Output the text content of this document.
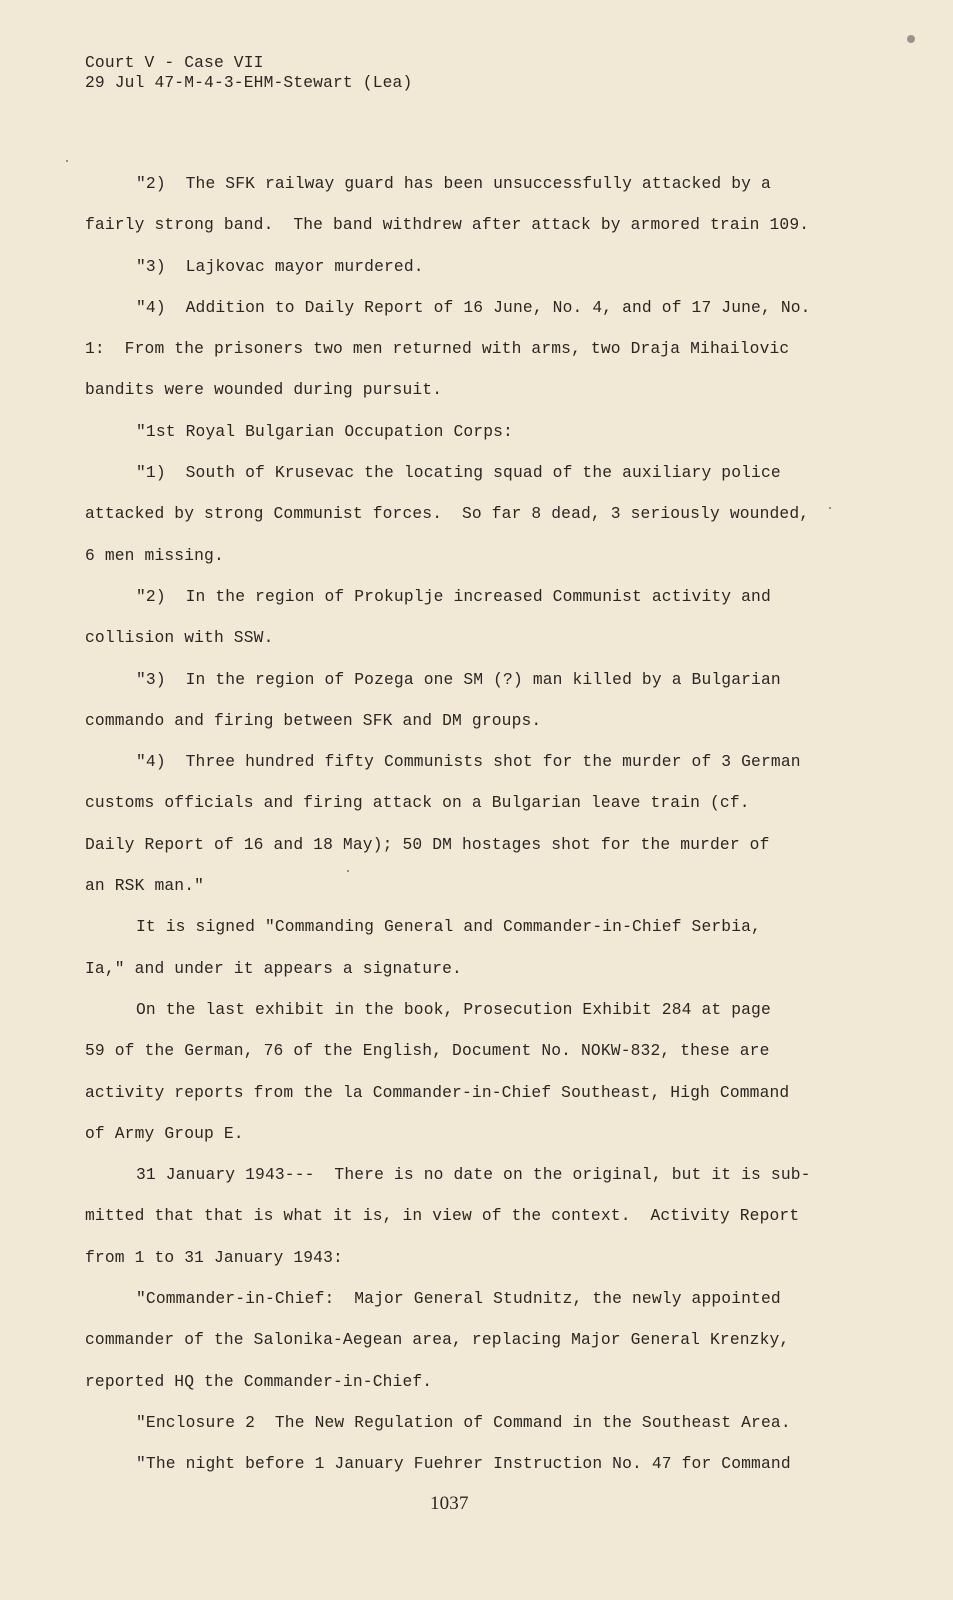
Court V - Case VII
29 Jul 47-M-4-3-EHM-Stewart (Lea)
"2)  The SFK railway guard has been unsuccessfully attacked by a
fairly strong band.  The band withdrew after attack by armored train 109.
"3)  Lajkovac mayor murdered.
"4)  Addition to Daily Report of 16 June, No. 4, and of 17 June, No.
1:  From the prisoners two men returned with arms, two Draja Mihailovic
bandits were wounded during pursuit.
"1st Royal Bulgarian Occupation Corps:
"1)  South of Krusevac the locating squad of the auxiliary police
attacked by strong Communist forces.  So far 8 dead, 3 seriously wounded,
6 men missing.
"2)  In the region of Prokuplje increased Communist activity and
collision with SSW.
"3)  In the region of Pozega one SM (?) man killed by a Bulgarian
commando and firing between SFK and DM groups.
"4)  Three hundred fifty Communists shot for the murder of 3 German
customs officials and firing attack on a Bulgarian leave train (cf.
Daily Report of 16 and 18 May); 50 DM hostages shot for the murder of
an RSK man."
It is signed "Commanding General and Commander-in-Chief Serbia,
Ia," and under it appears a signature.
On the last exhibit in the book, Prosecution Exhibit 284 at page
59 of the German, 76 of the English, Document No. NOKW-832, these are
activity reports from the la Commander-in-Chief Southeast, High Command
of Army Group E.
31 January 1943---  There is no date on the original, but it is sub-
mitted that that is what it is, in view of the context.  Activity Report
from 1 to 31 January 1943:
"Commander-in-Chief:  Major General Studnitz, the newly appointed
commander of the Salonika-Aegean area, replacing Major General Krenzky,
reported HQ the Commander-in-Chief.
"Enclosure 2  The New Regulation of Command in the Southeast Area.
"The night before 1 January Fuehrer Instruction No. 47 for Command
1037
